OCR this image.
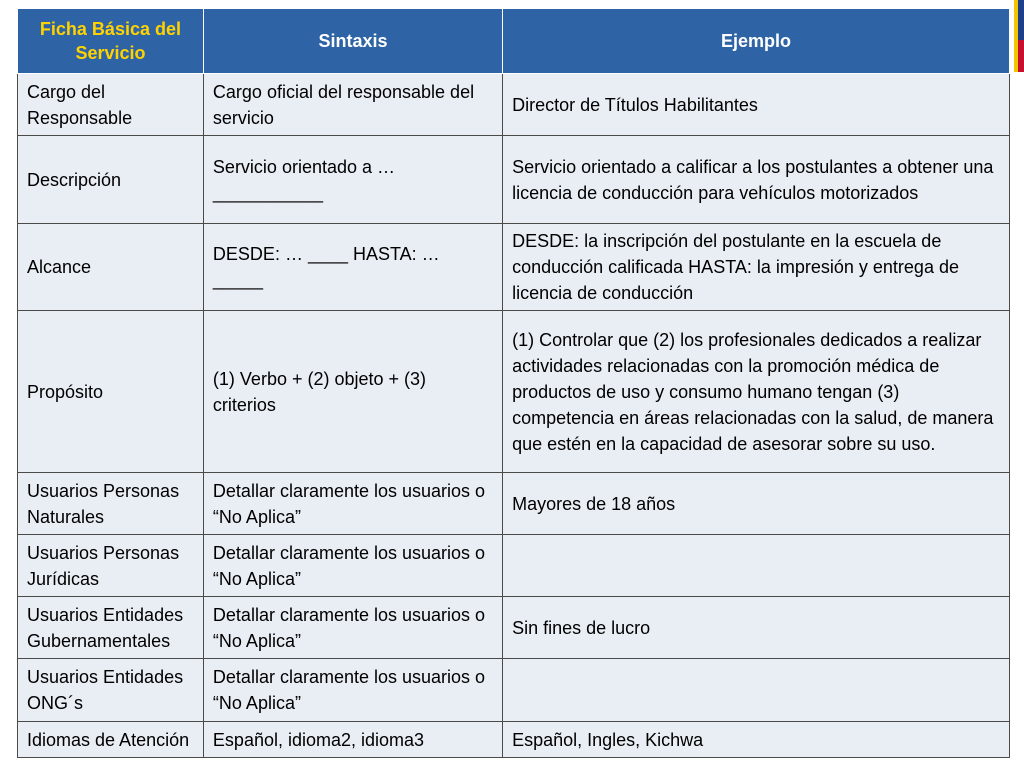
Ficha Básica del Servicio	Sintaxis	Ejemplo
Cargo del Responsable	Cargo oficial del responsable del servicio	Director de Títulos Habilitantes
Descripción	Servicio orientado a … ___________	Servicio orientado a calificar a los postulantes a obtener una licencia de conducción para vehículos motorizados
Alcance	DESDE: … ____ HASTA: … _____	DESDE: la inscripción del postulante en la escuela de conducción calificada HASTA: la impresión y entrega de licencia de conducción
Propósito	(1) Verbo + (2) objeto + (3) criterios	(1) Controlar que (2) los profesionales dedicados a realizar actividades relacionadas con la promoción médica de productos de uso y consumo humano tengan (3) competencia en áreas relacionadas con la salud, de manera que estén en la capacidad de asesorar sobre su uso.
Usuarios Personas Naturales	Detallar claramente los usuarios o “No Aplica”	Mayores de 18 años
Usuarios Personas Jurídicas	Detallar claramente los usuarios o “No Aplica”	
Usuarios Entidades Gubernamentales	Detallar claramente los usuarios o “No Aplica”	Sin fines de lucro
Usuarios Entidades ONG´s	Detallar claramente los usuarios o “No Aplica”	
Idiomas de Atención	Español, idioma2, idioma3	Español, Ingles, Kichwa
